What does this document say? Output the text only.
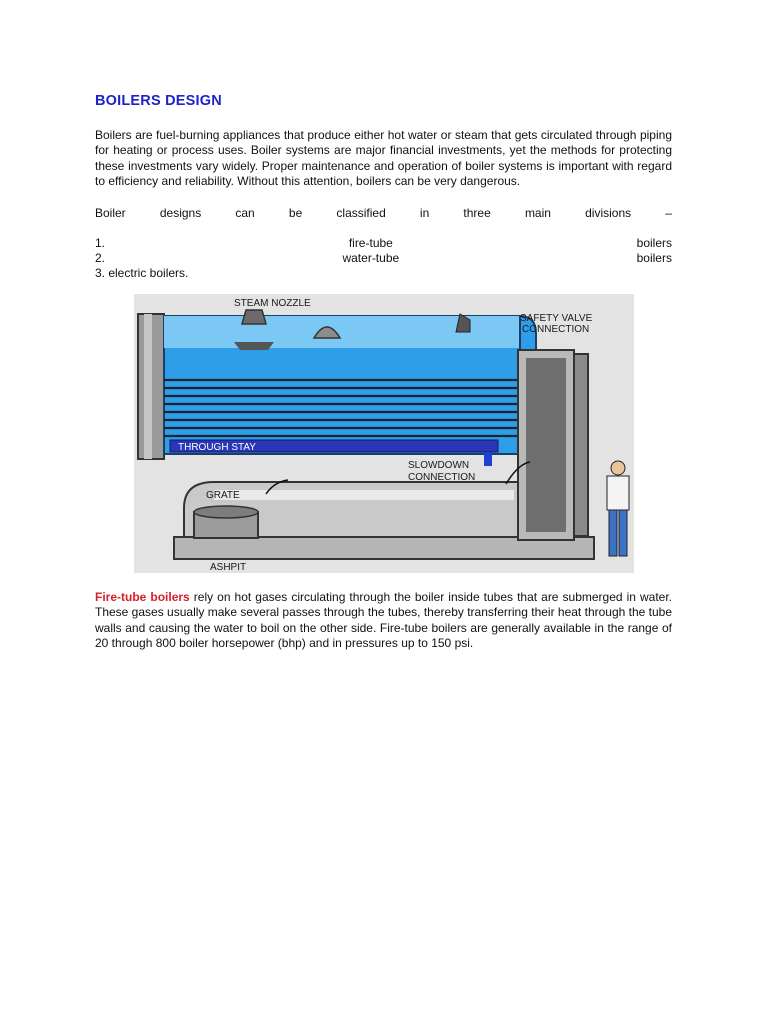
BOILERS DESIGN
Boilers are fuel-burning appliances that produce either hot water or steam that gets circulated through piping for heating or process uses. Boiler systems are major financial investments, yet the methods for protecting these investments vary widely. Proper maintenance and operation of boiler systems is important with regard to efficiency and reliability. Without this attention, boilers can be very dangerous.
Boiler	designs	can	be	classified	in	three	main	divisions	–
1.	fire-tube	boilers
2.	water-tube	boilers
3. electric boilers.
THROUGH STAY
STEAM NOZZLE
SAFETY VALVE
CONNECTION
GRATE
ASHPIT
SLOWDOWN
CONNECTION
Fire-tube boilers rely on hot gases circulating through the boiler inside tubes that are submerged in water. These gases usually make several passes through the tubes, thereby transferring their heat through the tube walls and causing the water to boil on the other side. Fire-tube boilers are generally available in the range of 20 through 800 boiler horsepower (bhp) and in pressures up to 150 psi.
